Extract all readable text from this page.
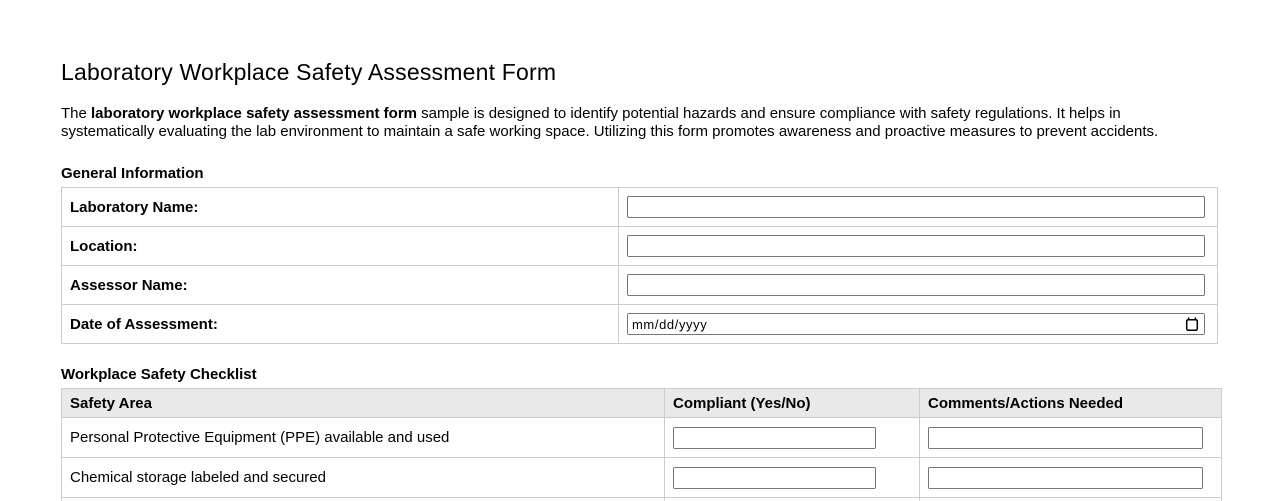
Laboratory Workplace Safety Assessment Form

The laboratory workplace safety assessment form sample is designed to identify potential hazards and ensure compliance with safety regulations. It helps in systematically evaluating the lab environment to maintain a safe working space. Utilizing this form promotes awareness and proactive measures to prevent accidents.

General Information
Laboratory Name:	

Location:	

Assessor Name:	

Date of Assessment:	mm/dd/yyyy
Workplace Safety Checklist
Safety Area	Compliant (Yes/No)	Comments/Actions Needed
Personal Protective Equipment (PPE) available and used	

Chemical storage labeled and secured	
